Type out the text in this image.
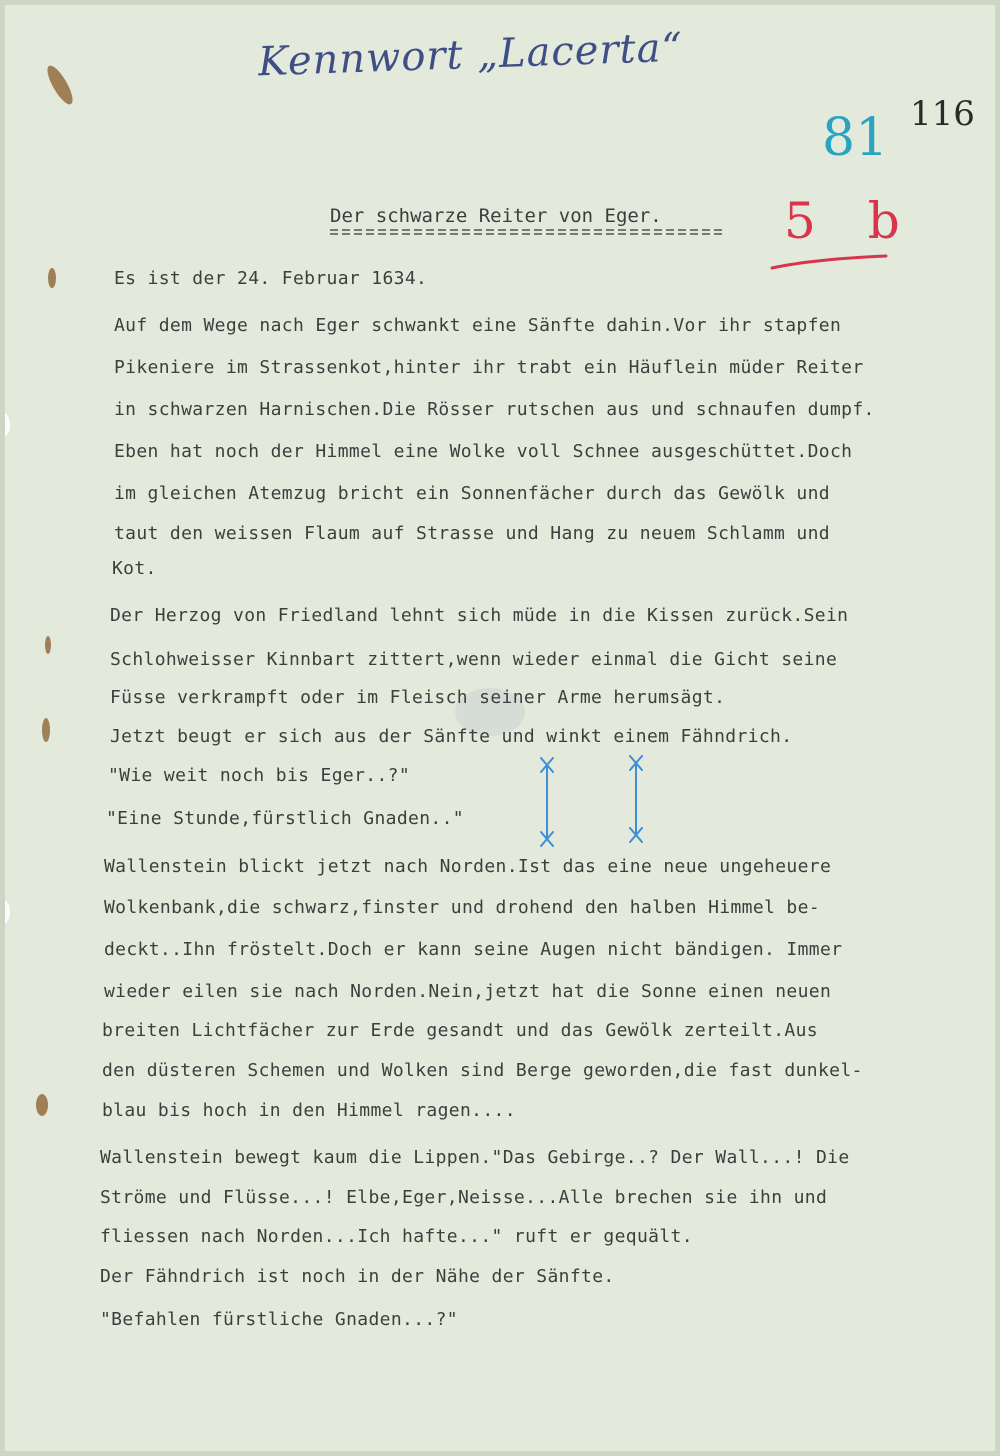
Kennwort „Lacerta“
81
5 b
116
Der schwarze Reiter von Eger.
Es ist der 24. Februar 1634.
Auf dem Wege nach Eger schwankt eine Sänfte dahin.Vor ihr stapfen
Pikeniere im Strassenkot,hinter ihr trabt ein Häuflein müder Reiter
in schwarzen Harnischen.Die Rösser rutschen aus und schnaufen dumpf.
Eben hat noch der Himmel eine Wolke voll Schnee ausgeschüttet.Doch
im gleichen Atemzug bricht ein Sonnenfächer durch das Gewölk und
taut den weissen Flaum auf Strasse und Hang zu neuem Schlamm und
Kot.
Der Herzog von Friedland lehnt sich müde in die Kissen zurück.Sein
Schlohweisser Kinnbart zittert,wenn wieder einmal die Gicht seine
Füsse verkrampft oder im Fleisch seiner Arme herumsägt.
Jetzt beugt er sich aus der Sänfte und winkt einem Fähndrich.
"Wie weit noch bis Eger..?"
"Eine Stunde,fürstlich Gnaden.."
Wallenstein blickt jetzt nach Norden.Ist das eine neue ungeheuere
Wolkenbank,die schwarz,finster und drohend den halben Himmel be-
deckt..Ihn fröstelt.Doch er kann seine Augen nicht bändigen. Immer
wieder eilen sie nach Norden.Nein,jetzt hat die Sonne einen neuen
breiten Lichtfächer zur Erde gesandt und das Gewölk zerteilt.Aus
den düsteren Schemen und Wolken sind Berge geworden,die fast dunkel-
blau bis hoch in den Himmel ragen....
Wallenstein bewegt kaum die Lippen."Das Gebirge..? Der Wall...! Die
Ströme und Flüsse...! Elbe,Eger,Neisse...Alle brechen sie ihn und
fliessen nach Norden...Ich hafte..." ruft er gequält.
Der Fähndrich ist noch in der Nähe der Sänfte.
"Befahlen fürstliche Gnaden...?"
